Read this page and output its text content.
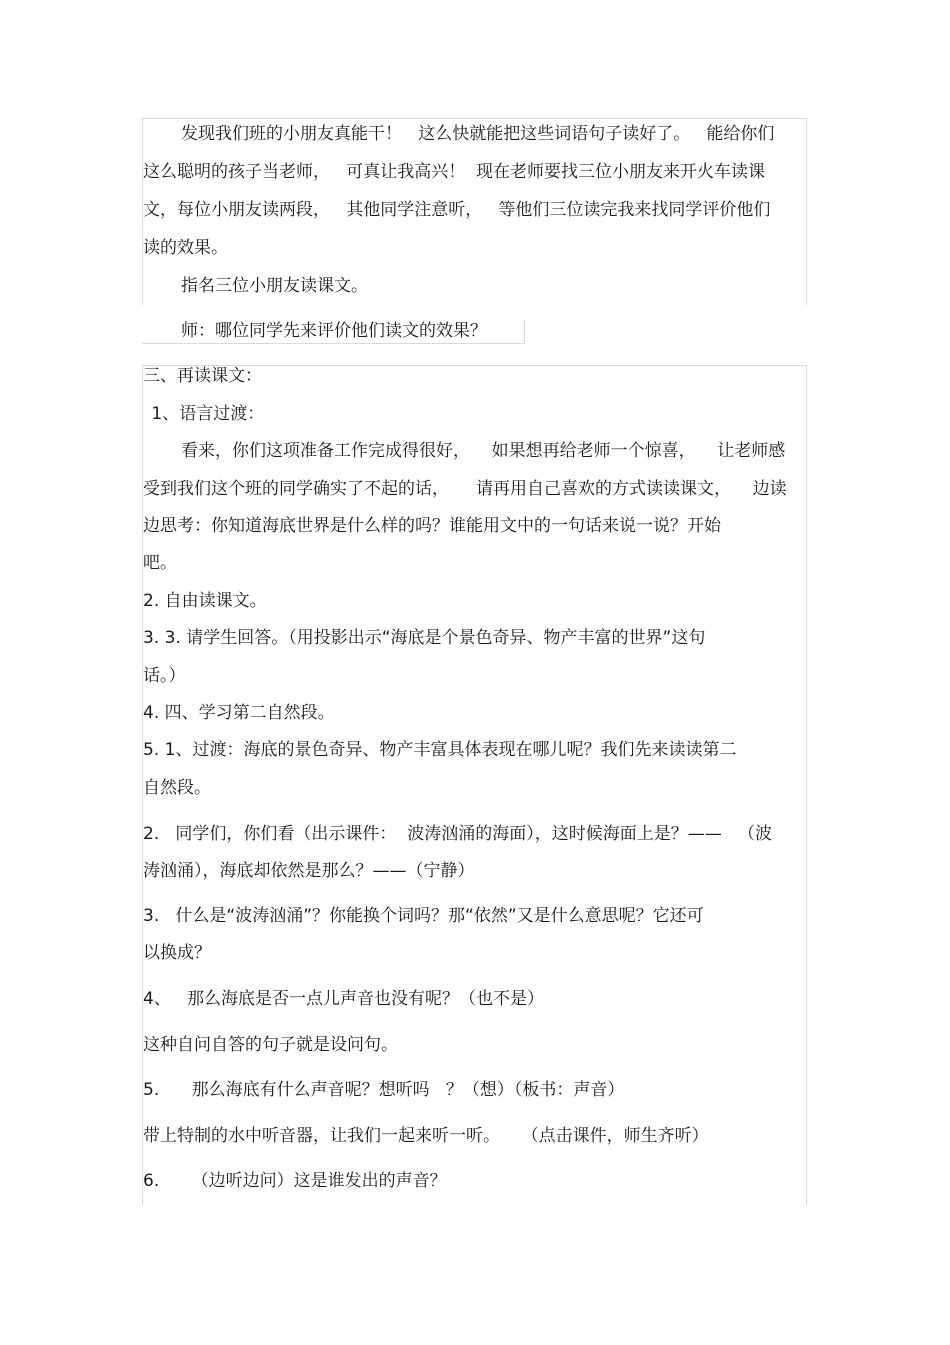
发现我们班的小朋友真能干！   这么快就能把这些词语句子读好了。   能给你们
这么聪明的孩子当老师，   可真让我高兴！  现在老师要找三位小朋友来开火车读课
文，每位小朋友读两段，   其他同学注意听，   等他们三位读完我来找同学评价他们
读的效果。
指名三位小朋友读课文。
师：哪位同学先来评价他们读文的效果？
三、再读课文：
1、语言过渡：
看来，你们这项准备工作完成得很好，    如果想再给老师一个惊喜，    让老师感
受到我们这个班的同学确实了不起的话，     请再用自己喜欢的方式读读课文，    边读
边思考：你知道海底世界是什么样的吗？谁能用文中的一句话来说一说？开始
吧。
2. 自由读课文。
3. 3. 请学生回答。（用投影出示“海底是个景色奇异、物产丰富的世界”这句
话。）
4. 四、学习第二自然段。
5. 1、过渡：海底的景色奇异、物产丰富具体表现在哪儿呢？我们先来读读第二
自然段。
2.   同学们，你们看（出示课件：  波涛汹涌的海面），这时候海面上是？——   （波
涛汹涌），海底却依然是那么？——（宁静）
3.   什么是“波涛汹涌”？你能换个词吗？那“依然”又是什么意思呢？它还可
以换成？
4、   那么海底是否一点儿声音也没有呢？（也不是）
这种自问自答的句子就是设问句。
5.      那么海底有什么声音呢？想听吗   ？（想）（板书：声音）
带上特制的水中听音器，让我们一起来听一听。    （点击课件，师生齐听）
6.      （边听边问）这是谁发出的声音？
